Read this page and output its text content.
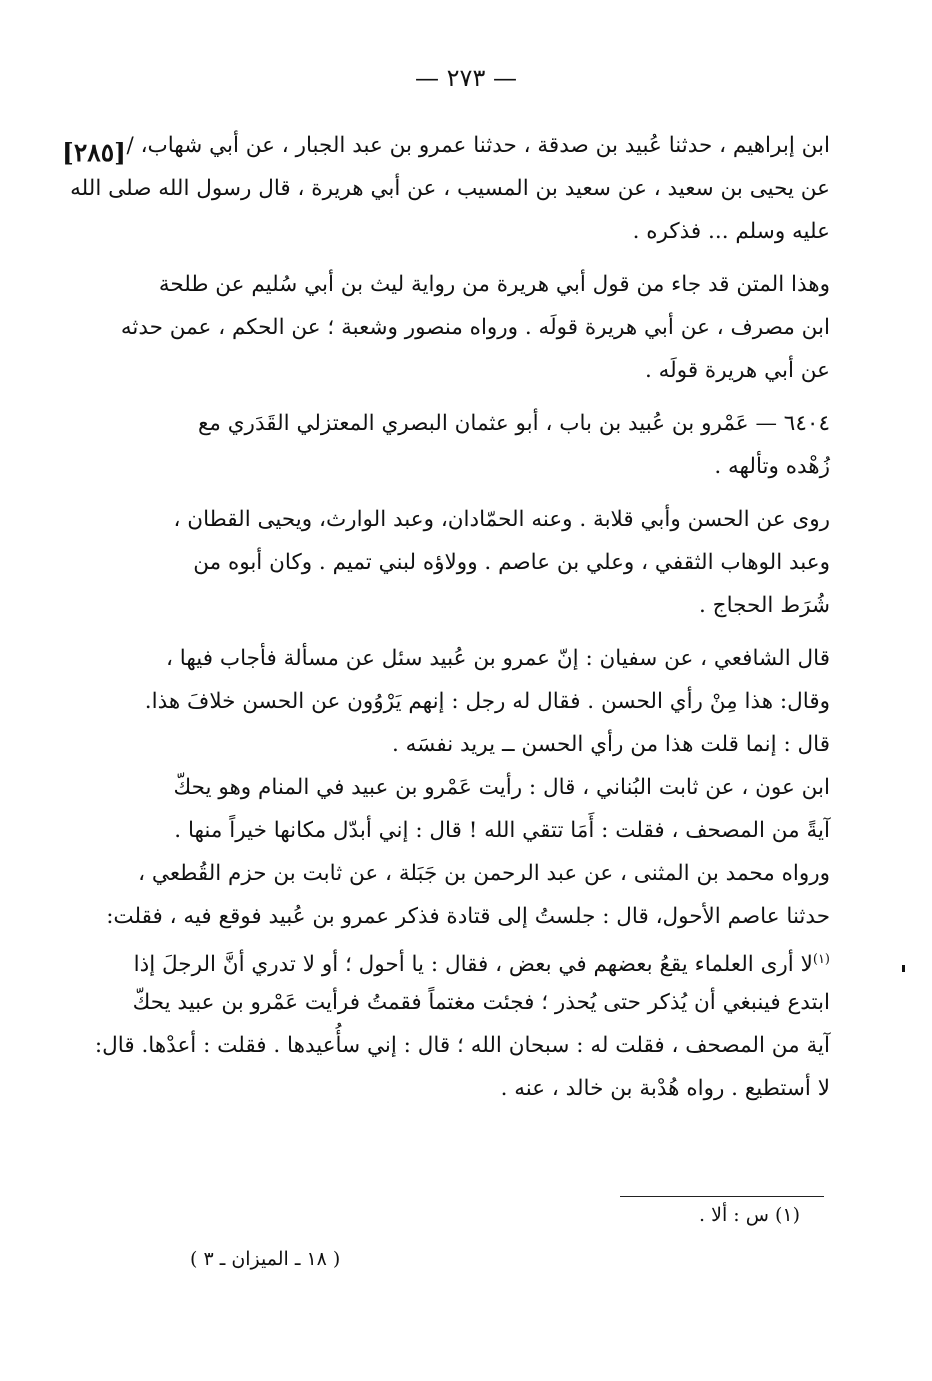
— ٢٧٣ —
[٢٨٥] ابن إبراهيم ، حدثنا عُبيد بن صدقة ، حدثنا عمرو بن عبد الجبار ، عن أبي شهاب، /
عن يحيى بن سعيد ، عن سعيد بن المسيب ، عن أبي هريرة ، قال رسول الله صلى الله
عليه وسلم ... فذكره .
وهذا المتن قد جاء من قول أبي هريرة من رواية ليث بن أبي سُليم عن طلحة
ابن مصرف ، عن أبي هريرة قولَه . ورواه منصور وشعبة ؛ عن الحكم ، عمن حدثه
عن أبي هريرة قولَه .
٦٤٠٤ — عَمْرو بن عُبيد بن باب ، أبو عثمان البصري المعتزلي القَدَري مع
زُهْده وتألهه .
روى عن الحسن وأبي قلابة . وعنه الحمّادان، وعبد الوارث، ويحيى القطان ،
وعبد الوهاب الثقفي ، وعلي بن عاصم . وولاؤه لبني تميم . وكان أبوه من
شُرَط الحجاج .
قال الشافعي ، عن سفيان : إنّ عمرو بن عُبيد سئل عن مسألة فأجاب فيها ،
وقال: هذا مِنْ رأي الحسن . فقال له رجل : إنهم يَرْوُون عن الحسن خلافَ هذا.
قال : إنما قلت هذا من رأي الحسن ــ يريد نفسَه .
ابن عون ، عن ثابت البُناني ، قال : رأيت عَمْرو بن عبيد في المنام وهو يحكّ
آيةً من المصحف ، فقلت : أَمَا تتقي الله ! قال : إني أبدّل مكانها خيراً منها .
ورواه محمد بن المثنى ، عن عبد الرحمن بن جَبَلة ، عن ثابت بن حزم القُطعي ،
حدثنا عاصم الأحول، قال : جلستُ إلى قتادة فذكر عمرو بن عُبيد فوقع فيه ، فقلت:
$^{(١)}$لا أرى العلماء يقعُ بعضهم في بعض ، فقال : يا أحول ؛ أو لا تدري أنَّ الرجلَ إذا
ابتدع فينبغي أن يُذكر حتى يُحذر ؛ فجئت مغتماً فقمتُ فرأيت عَمْرو بن عبيد يحكّ
آية من المصحف ، فقلت له : سبحان الله ؛ قال : إني سأُعيدها . فقلت : أعدْها. قال:
لا أستطيع . رواه هُدْبة بن خالد ، عنه .
(١) س : ألا .
( ١٨ ـ الميزان ـ ٣ )
